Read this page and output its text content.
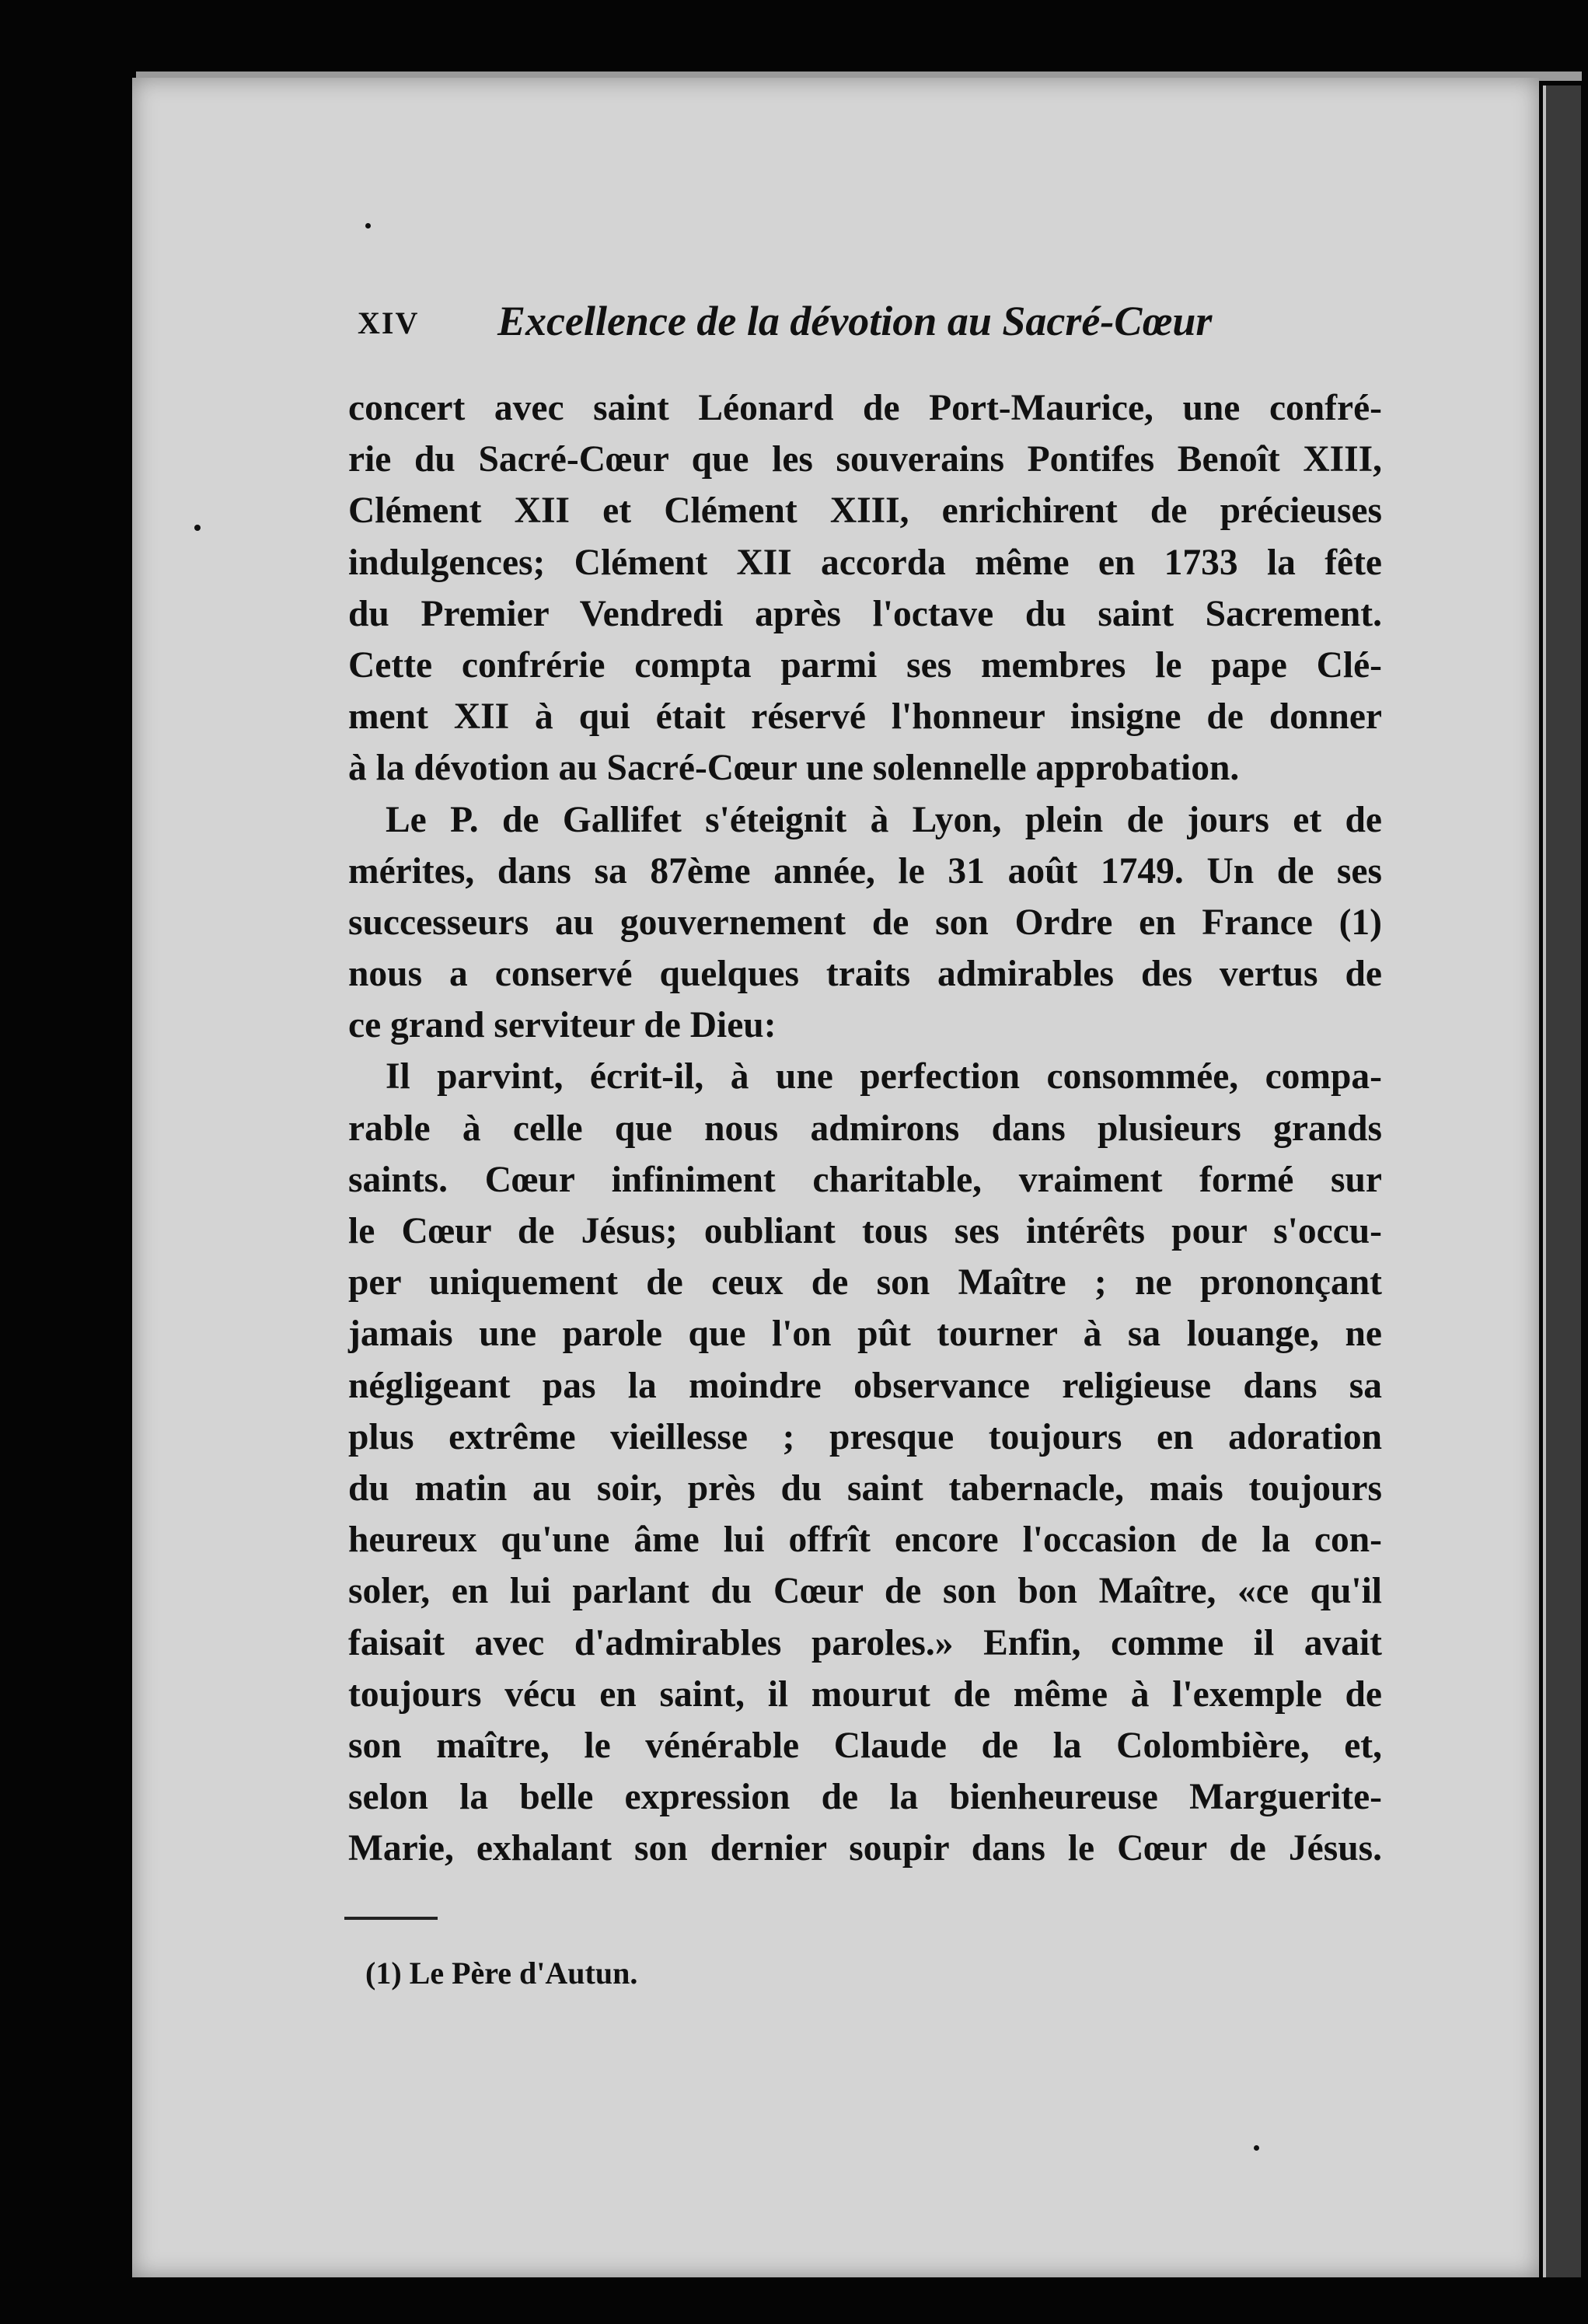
XIV Excellence de la dévotion au Sacré-Cœur
concert avec saint Léonard de Port-Maurice, une confré-
rie du Sacré-Cœur que les souverains Pontifes Benoît XIII,
Clément XII et Clément XIII, enrichirent de précieuses
indulgences; Clément XII accorda même en 1733 la fête
du Premier Vendredi après l'octave du saint Sacrement.
Cette confrérie compta parmi ses membres le pape Clé-
ment XII à qui était réservé l'honneur insigne de donner
à la dévotion au Sacré-Cœur une solennelle approbation.
Le P. de Gallifet s'éteignit à Lyon, plein de jours et de
mérites, dans sa 87ème année, le 31 août 1749. Un de ses
successeurs au gouvernement de son Ordre en France (1)
nous a conservé quelques traits admirables des vertus de
ce grand serviteur de Dieu:
Il parvint, écrit-il, à une perfection consommée, compa-
rable à celle que nous admirons dans plusieurs grands
saints. Cœur infiniment charitable, vraiment formé sur
le Cœur de Jésus; oubliant tous ses intérêts pour s'occu-
per uniquement de ceux de son Maître ; ne prononçant
jamais une parole que l'on pût tourner à sa louange, ne
négligeant pas la moindre observance religieuse dans sa
plus extrême vieillesse ; presque toujours en adoration
du matin au soir, près du saint tabernacle, mais toujours
heureux qu'une âme lui offrît encore l'occasion de la con-
soler, en lui parlant du Cœur de son bon Maître, «ce qu'il
faisait avec d'admirables paroles.» Enfin, comme il avait
toujours vécu en saint, il mourut de même à l'exemple de
son maître, le vénérable Claude de la Colombière, et,
selon la belle expression de la bienheureuse Marguerite-
Marie, exhalant son dernier soupir dans le Cœur de Jésus.
(1) Le Père d'Autun.
